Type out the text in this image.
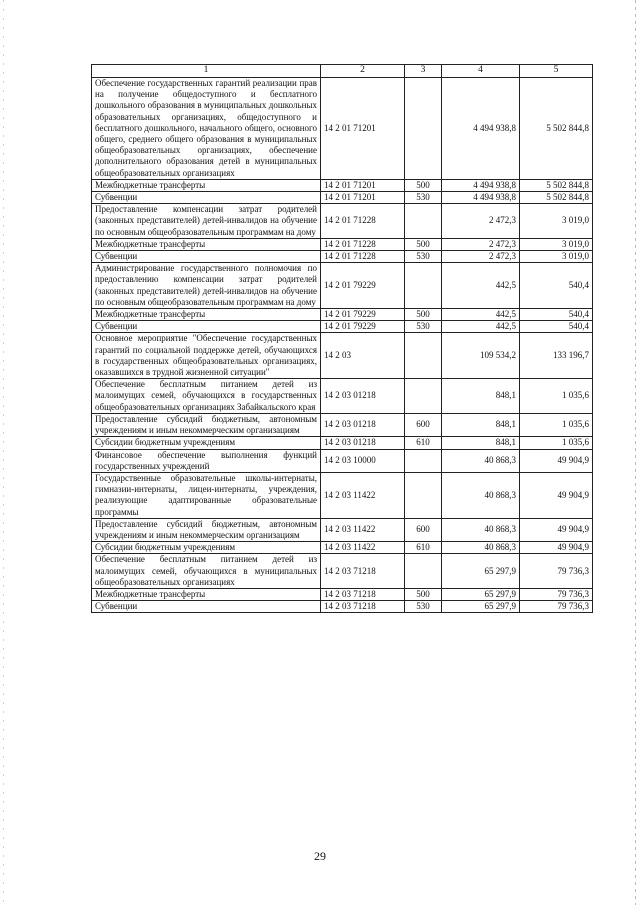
1	2	3	4	5
Обеспечение государственных гарантий реализации прав на получение общедоступного и бесплатного дошкольного образования в муниципальных дошкольных образовательных организациях, общедоступного и бесплатного дошкольного, начального общего, основного общего, среднего общего образования в муниципальных общеобразовательных организациях, обеспечение дополнительного образования детей в муниципальных общеобразовательных организациях	14 2 01 71201		4 494 938,8	5 502 844,8
Межбюджетные трансферты	14 2 01 71201	500	4 494 938,8	5 502 844,8
Субвенции	14 2 01 71201	530	4 494 938,8	5 502 844,8
Предоставление компенсации затрат родителей (законных представителей) детей-инвалидов на обучение по основным общеобразовательным программам на дому	14 2 01 71228		2 472,3	3 019,0
Межбюджетные трансферты	14 2 01 71228	500	2 472,3	3 019,0
Субвенции	14 2 01 71228	530	2 472,3	3 019,0
Администрирование государственного полномочия по предоставлению компенсации затрат родителей (законных представителей) детей-инвалидов на обучение по основным общеобразовательным программам на дому	14 2 01 79229		442,5	540,4
Межбюджетные трансферты	14 2 01 79229	500	442,5	540,4
Субвенции	14 2 01 79229	530	442,5	540,4
Основное мероприятие "Обеспечение государственных гарантий по социальной поддержке детей, обучающихся в государственных общеобразовательных организациях, оказавшихся в трудной жизненной ситуации"	14 2 03		109 534,2	133 196,7
Обеспечение бесплатным питанием детей из малоимущих семей, обучающихся в государственных общеобразовательных организациях Забайкальского края	14 2 03 01218		848,1	1 035,6
Предоставление субсидий бюджетным, автономным учреждениям и иным некоммерческим организациям	14 2 03 01218	600	848,1	1 035,6
Субсидии бюджетным учреждениям	14 2 03 01218	610	848,1	1 035,6
Финансовое обеспечение выполнения функций государственных учреждений	14 2 03 10000		40 868,3	49 904,9
Государственные образовательные школы-интернаты, гимназии-интернаты, лицеи-интернаты, учреждения, реализующие адаптированные образовательные программы	14 2 03 11422		40 868,3	49 904,9
Предоставление субсидий бюджетным, автономным учреждениям и иным некоммерческим организациям	14 2 03 11422	600	40 868,3	49 904,9
Субсидии бюджетным учреждениям	14 2 03 11422	610	40 868,3	49 904,9
Обеспечение бесплатным питанием детей из малоимущих семей, обучающихся в муниципальных общеобразовательных организациях	14 2 03 71218		65 297,9	79 736,3
Межбюджетные трансферты	14 2 03 71218	500	65 297,9	79 736,3
Субвенции	14 2 03 71218	530	65 297,9	79 736,3
29
